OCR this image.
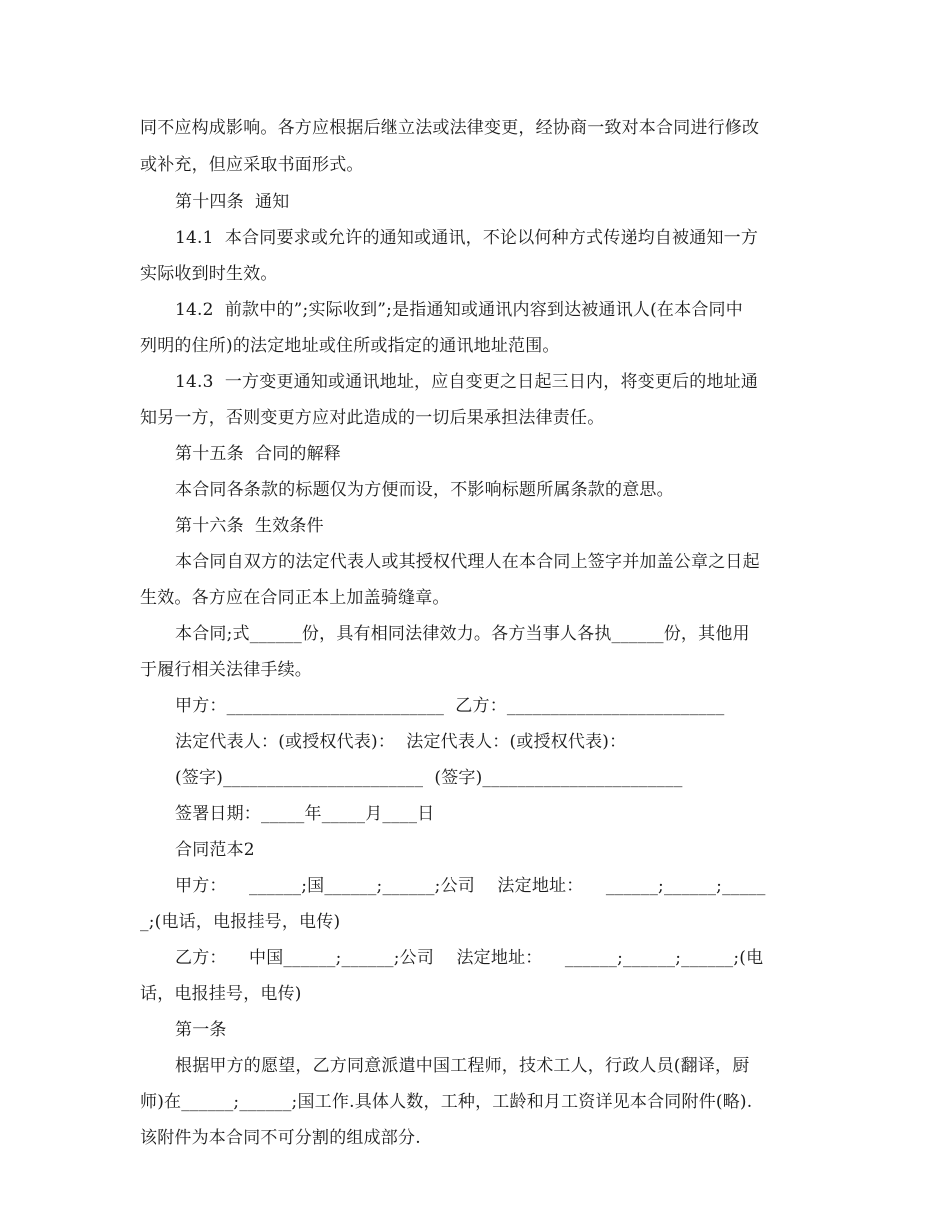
同不应构成影响。各方应根据后继立法或法律变更，经协商一致对本合同进行修改
或补充，但应采取书面形式。
第十四条  通知
14.1  本合同要求或允许的通知或通讯，不论以何种方式传递均自被通知一方
实际收到时生效。
14.2  前款中的”;实际收到”;是指通知或通讯内容到达被通讯人(在本合同中
列明的住所)的法定地址或住所或指定的通讯地址范围。
14.3  一方变更通知或通讯地址，应自变更之日起三日内，将变更后的地址通
知另一方，否则变更方应对此造成的一切后果承担法律责任。
第十五条  合同的解释
本合同各条款的标题仅为方便而设，不影响标题所属条款的意思。
第十六条  生效条件
本合同自双方的法定代表人或其授权代理人在本合同上签字并加盖公章之日起
生效。各方应在合同正本上加盖骑缝章。
本合同;式______份，具有相同法律效力。各方当事人各执______份，其他用
于履行相关法律手续。
甲方：_________________________  乙方：_________________________
法定代表人：(或授权代表)：  法定代表人：(或授权代表)：
(签字)_______________________  (签字)_______________________
签署日期：_____年_____月____日
合同范本2
甲方：    ______;国______;______;公司    法定地址：    ______;______;_____
_;(电话，电报挂号，电传)
乙方：    中国______;______;公司    法定地址：    ______;______;______;(电
话，电报挂号，电传)
第一条
根据甲方的愿望，乙方同意派遣中国工程师，技术工人，行政人员(翻译，厨
师)在______;______;国工作.具体人数，工种，工龄和月工资详见本合同附件(略).
该附件为本合同不可分割的组成部分.
